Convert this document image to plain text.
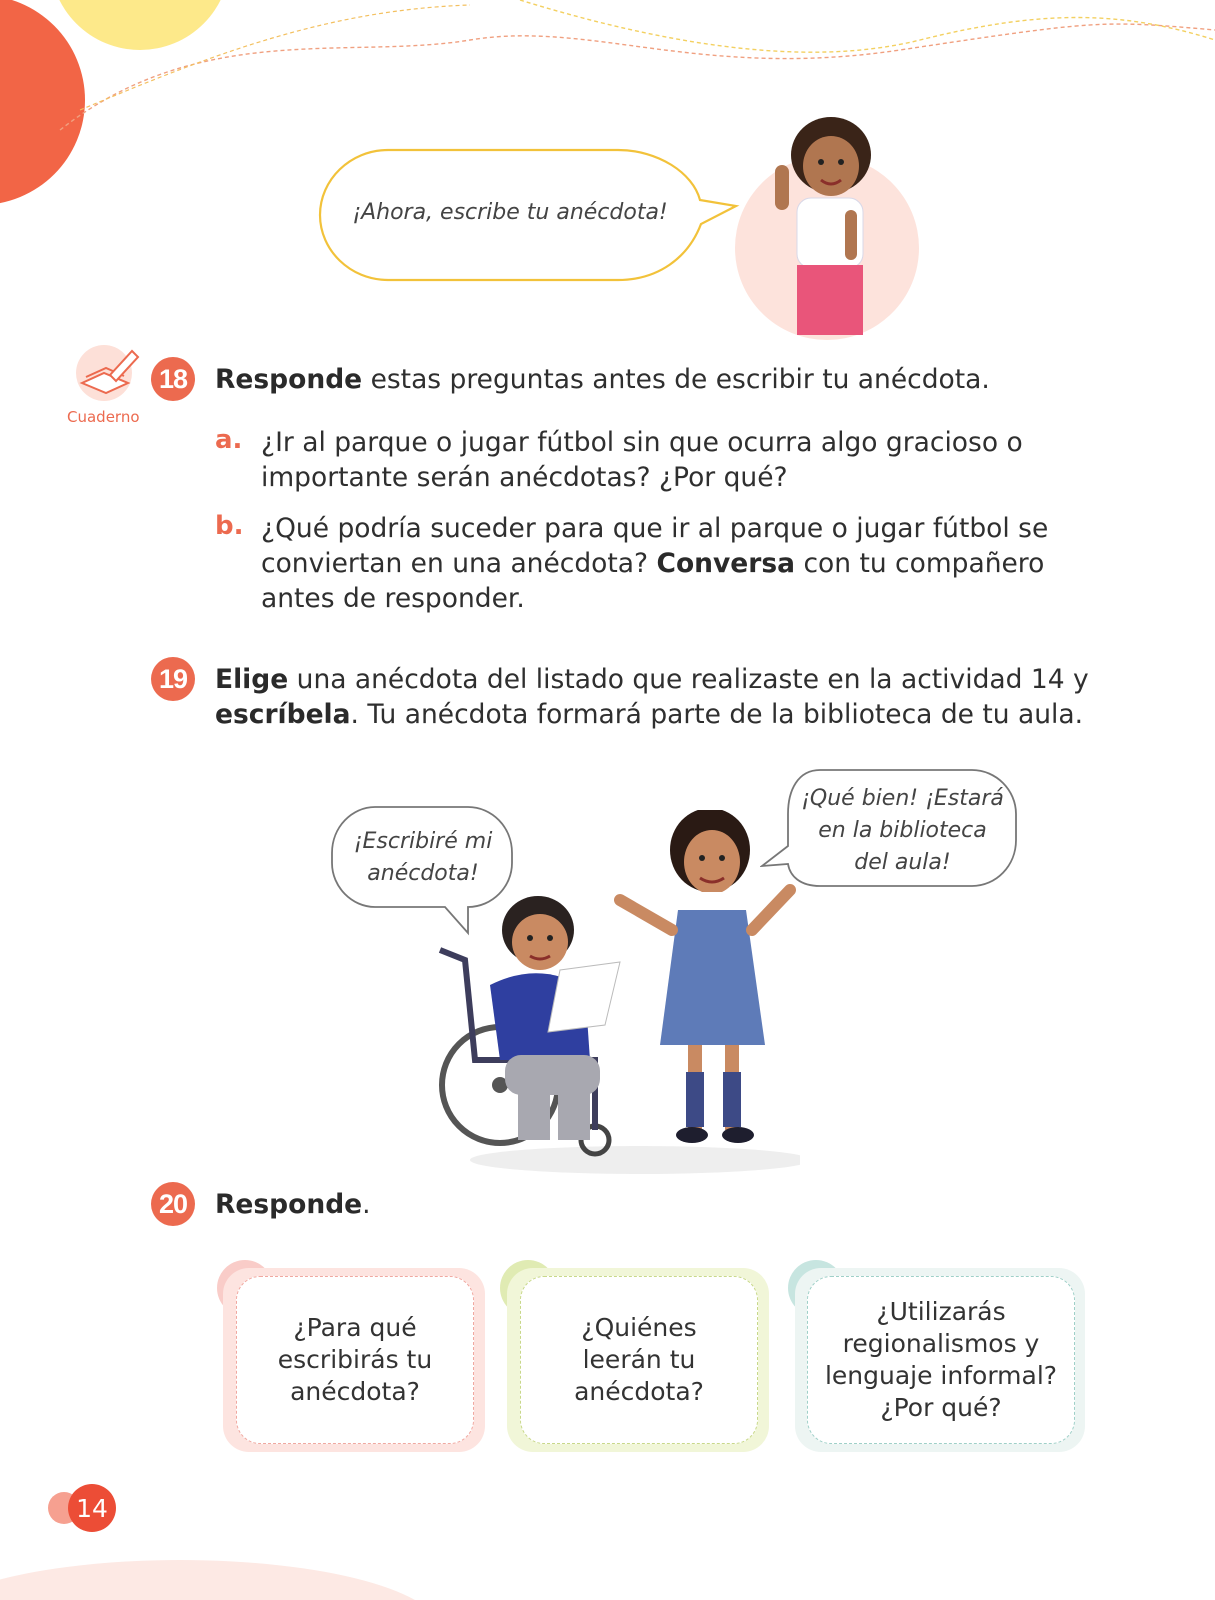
¡Ahora, escribe tu anécdota!
Cuaderno
18	Responde estas preguntas antes de escribir tu anécdota.
a. ¿Ir al parque o jugar fútbol sin que ocurra algo gracioso o
importante serán anécdotas? ¿Por qué?
b. ¿Qué podría suceder para que ir al parque o jugar fútbol se
conviertan en una anécdota? Conversa con tu compañero
antes de responder.
19	Elige una anécdota del listado que realizaste en la actividad 14 y
escríbela. Tu anécdota formará parte de la biblioteca de tu aula.
¡Escribiré mi
anécdota!
¡Qué bien! ¡Estará
en la biblioteca
del aula!
20	Responde.
¿Para qué
escribirás tu
anécdota?
¿Quiénes
leerán tu
anécdota?
¿Utilizarás
regionalismos y
lenguaje informal?
¿Por qué?
14
